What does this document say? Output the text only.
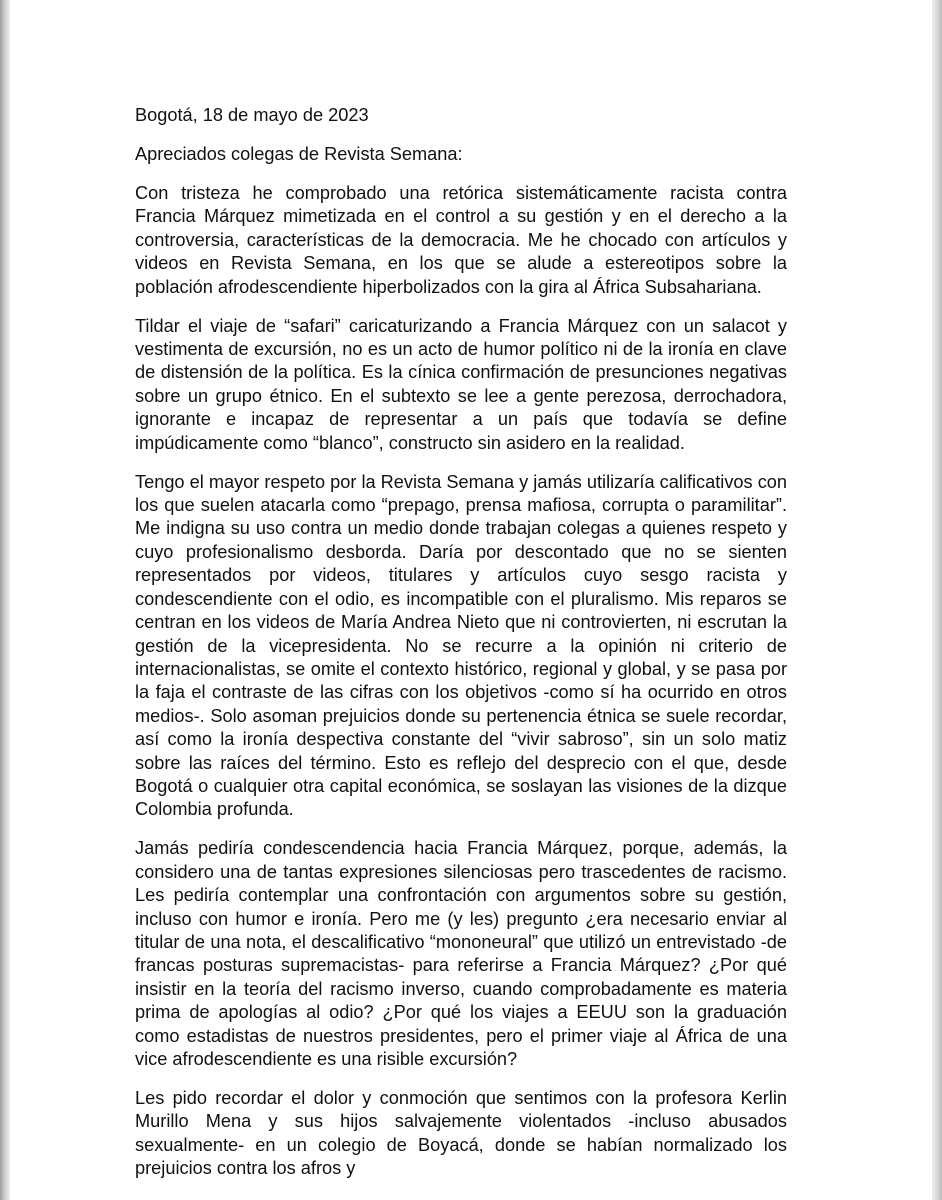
Bogotá, 18 de mayo de 2023

Apreciados colegas de Revista Semana:

Con tristeza he comprobado una retórica sistemáticamente racista contra Francia Márquez mimetizada en el control a su gestión y en el derecho a la controversia, características de la democracia. Me he chocado con artículos y videos en Revista Semana, en los que se alude a estereotipos sobre la población afrodescendiente hiperbolizados con la gira al África Subsahariana.

Tildar el viaje de “safari” caricaturizando a Francia Márquez con un salacot y vestimenta de excursión, no es un acto de humor político ni de la ironía en clave de distensión de la política. Es la cínica confirmación de presunciones negativas sobre un grupo étnico. En el subtexto se lee a gente perezosa, derrochadora, ignorante e incapaz de representar a un país que todavía se define impúdicamente como “blanco”, constructo sin asidero en la realidad.

Tengo el mayor respeto por la Revista Semana y jamás utilizaría calificativos con los que suelen atacarla como “prepago, prensa mafiosa, corrupta o paramilitar”. Me indigna su uso contra un medio donde trabajan colegas a quienes respeto y cuyo profesionalismo desborda. Daría por descontado que no se sienten representados por videos, titulares y artículos cuyo sesgo racista y condescendiente con el odio, es incompatible con el pluralismo. Mis reparos se centran en los videos de María Andrea Nieto que ni controvierten, ni escrutan la gestión de la vicepresidenta. No se recurre a la opinión ni criterio de internacionalistas, se omite el contexto histórico, regional y global, y se pasa por la faja el contraste de las cifras con los objetivos -como sí ha ocurrido en otros medios-. Solo asoman prejuicios donde su pertenencia étnica se suele recordar, así como la ironía despectiva constante del “vivir sabroso”, sin un solo matiz sobre las raíces del término. Esto es reflejo del desprecio con el que, desde Bogotá o cualquier otra capital económica, se soslayan las visiones de la dizque Colombia profunda.

Jamás pediría condescendencia hacia Francia Márquez, porque, además, la considero una de tantas expresiones silenciosas pero trascedentes de racismo. Les pediría contemplar una confrontación con argumentos sobre su gestión, incluso con humor e ironía. Pero me (y les) pregunto ¿era necesario enviar al titular de una nota, el descalificativo “mononeural” que utilizó un entrevistado -de francas posturas supremacistas- para referirse a Francia Márquez? ¿Por qué insistir en la teoría del racismo inverso, cuando comprobadamente es materia prima de apologías al odio? ¿Por qué los viajes a EEUU son la graduación como estadistas de nuestros presidentes, pero el primer viaje al África de una vice afrodescendiente es una risible excursión?

Les pido recordar el dolor y conmoción que sentimos con la profesora Kerlin Murillo Mena y sus hijos salvajemente violentados -incluso abusados sexualmente- en un colegio de Boyacá, donde se habían normalizado los prejuicios contra los afros y
